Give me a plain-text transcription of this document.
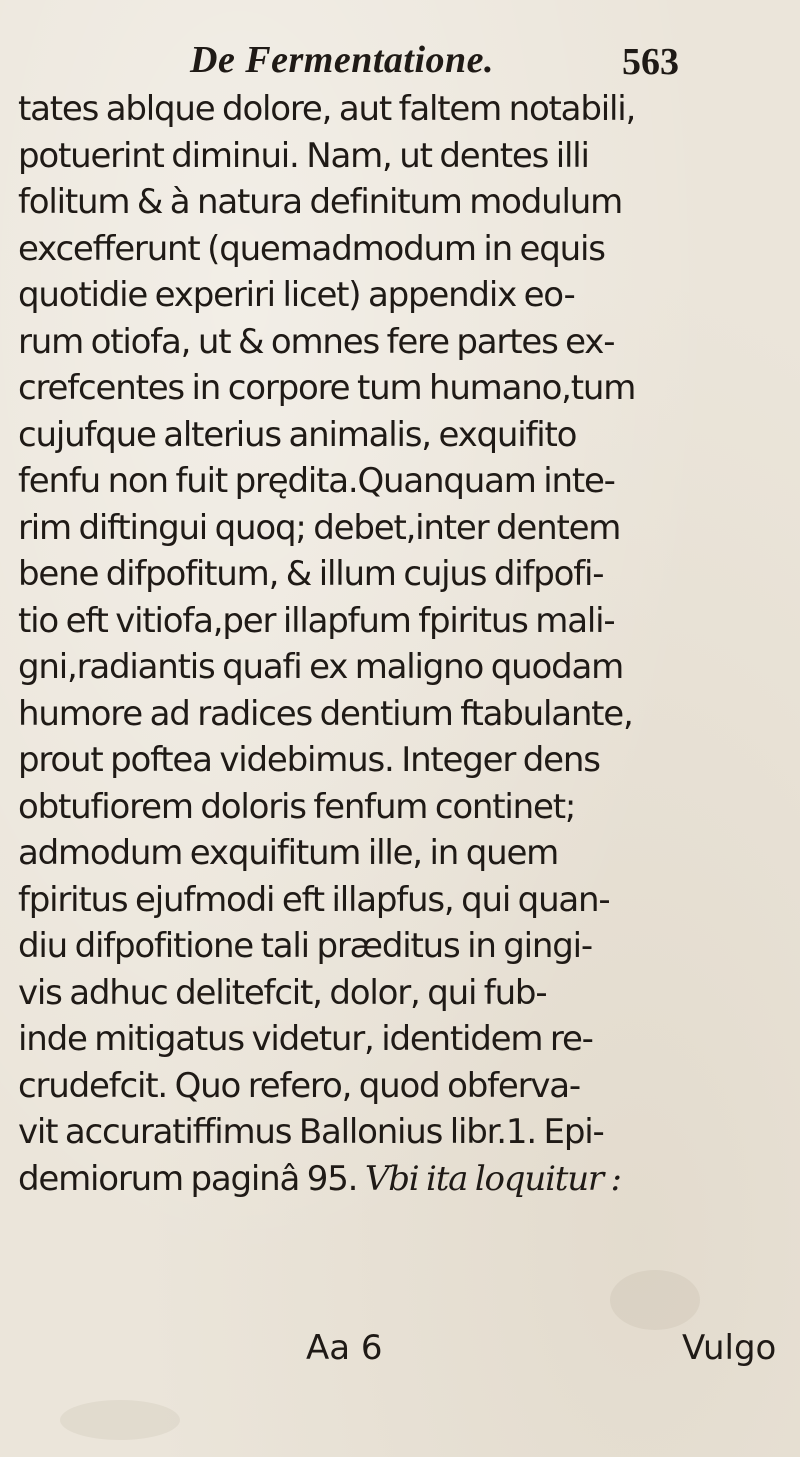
De Fermentatione.	563
tates ablque dolore, aut faltem notabili,
potuerint diminui. Nam, ut dentes illi
folitum & à natura definitum modulum
excefferunt (quemadmodum in equis
quotidie experiri licet) appendix eo-
rum otiofa, ut & omnes fere partes ex-
crefcentes in corpore tum humano,tum
cujufque alterius animalis, exquifito
fenfu non fuit prędita.Quanquam inte-
rim diftingui quoq; debet,inter dentem
bene difpofitum, & illum cujus difpofi-
tio eft vitiofa,per illapfum fpiritus mali-
gni,radiantis quafi ex maligno quodam
humore ad radices dentium ftabulante,
prout poftea videbimus. Integer dens
obtufiorem doloris fenfum continet;
admodum exquifitum ille, in quem
fpiritus ejufmodi eft illapfus, qui quan-
diu difpofitione tali præditus in gingi-
vis adhuc delitefcit, dolor, qui fub-
inde mitigatus videtur, identidem re-
crudefcit. Quo refero, quod obferva-
vit accuratiffimus Ballonius libr.1. Epi-
demiorum paginâ 95. Vbi ita loquitur :
Aa 6	Vulgo
